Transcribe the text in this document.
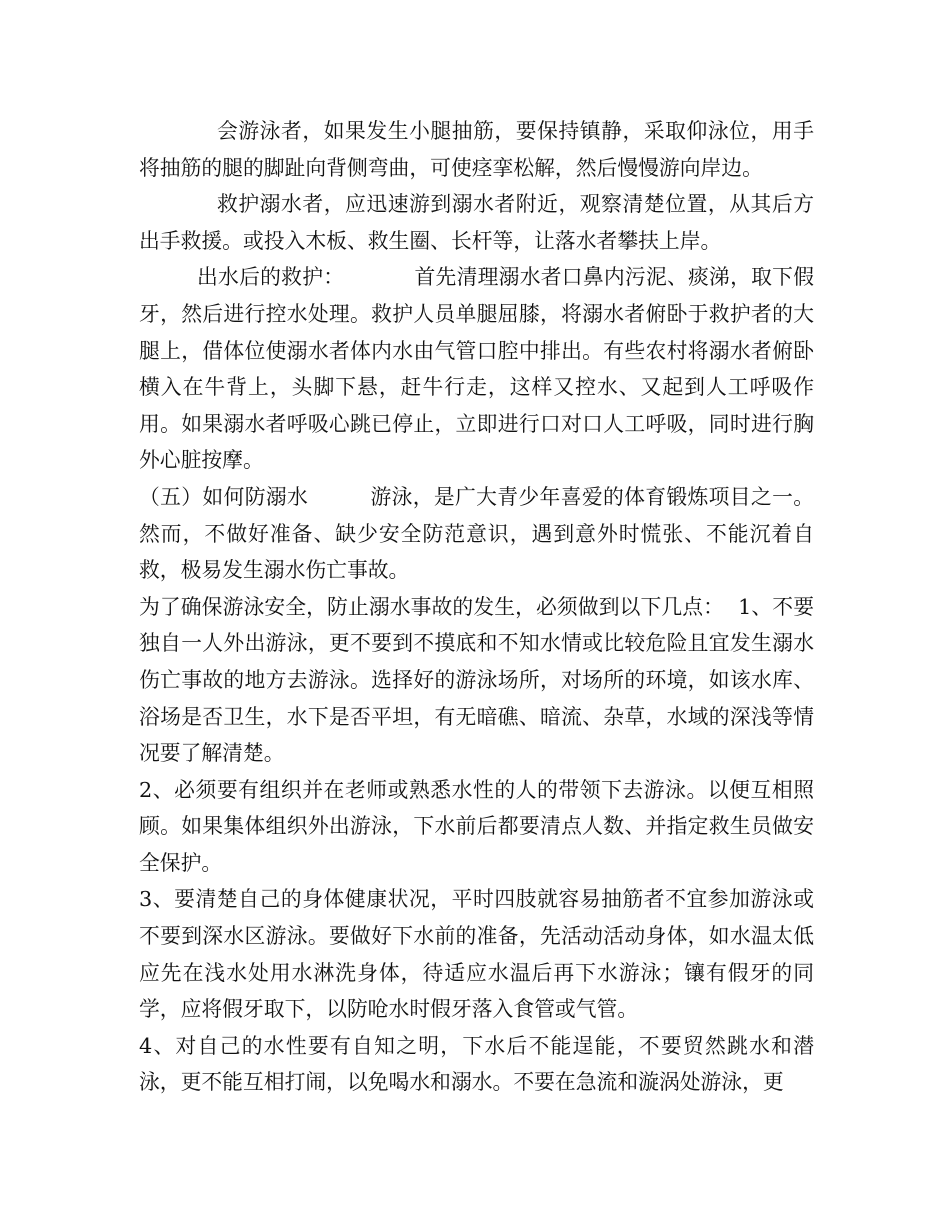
会游泳者，如果发生小腿抽筋，要保持镇静，采取仰泳位，用手将抽筋的腿的脚趾向背侧弯曲，可使痉挛松解，然后慢慢游向岸边。

救护溺水者，应迅速游到溺水者附近，观察清楚位置，从其后方出手救援。或投入木板、救生圈、长杆等，让落水者攀扶上岸。

出水后的救护：	首先清理溺水者口鼻内污泥、痰涕，取下假牙，然后进行控水处理。救护人员单腿屈膝，将溺水者俯卧于救护者的大腿上，借体位使溺水者体内水由气管口腔中排出。有些农村将溺水者俯卧横入在牛背上，头脚下悬，赶牛行走，这样又控水、又起到人工呼吸作用。如果溺水者呼吸心跳已停止，立即进行口对口人工呼吸，同时进行胸外心脏按摩。

（五）如何防溺水	游泳，是广大青少年喜爱的体育锻炼项目之一。然而，不做好准备、缺少安全防范意识，遇到意外时慌张、不能沉着自救，极易发生溺水伤亡事故。

为了确保游泳安全，防止溺水事故的发生，必须做到以下几点： 1、不要独自一人外出游泳，更不要到不摸底和不知水情或比较危险且宜发生溺水伤亡事故的地方去游泳。选择好的游泳场所，对场所的环境，如该水库、浴场是否卫生，水下是否平坦，有无暗礁、暗流、杂草，水域的深浅等情况要了解清楚。

2、必须要有组织并在老师或熟悉水性的人的带领下去游泳。以便互相照顾。如果集体组织外出游泳，下水前后都要清点人数、并指定救生员做安全保护。

3、要清楚自己的身体健康状况，平时四肢就容易抽筋者不宜参加游泳或不要到深水区游泳。要做好下水前的准备，先活动活动身体，如水温太低应先在浅水处用水淋洗身体，待适应水温后再下水游泳；镶有假牙的同学，应将假牙取下，以防呛水时假牙落入食管或气管。

4、对自己的水性要有自知之明，下水后不能逞能，不要贸然跳水和潜泳，更不能互相打闹，以免喝水和溺水。不要在急流和漩涡处游泳，更
